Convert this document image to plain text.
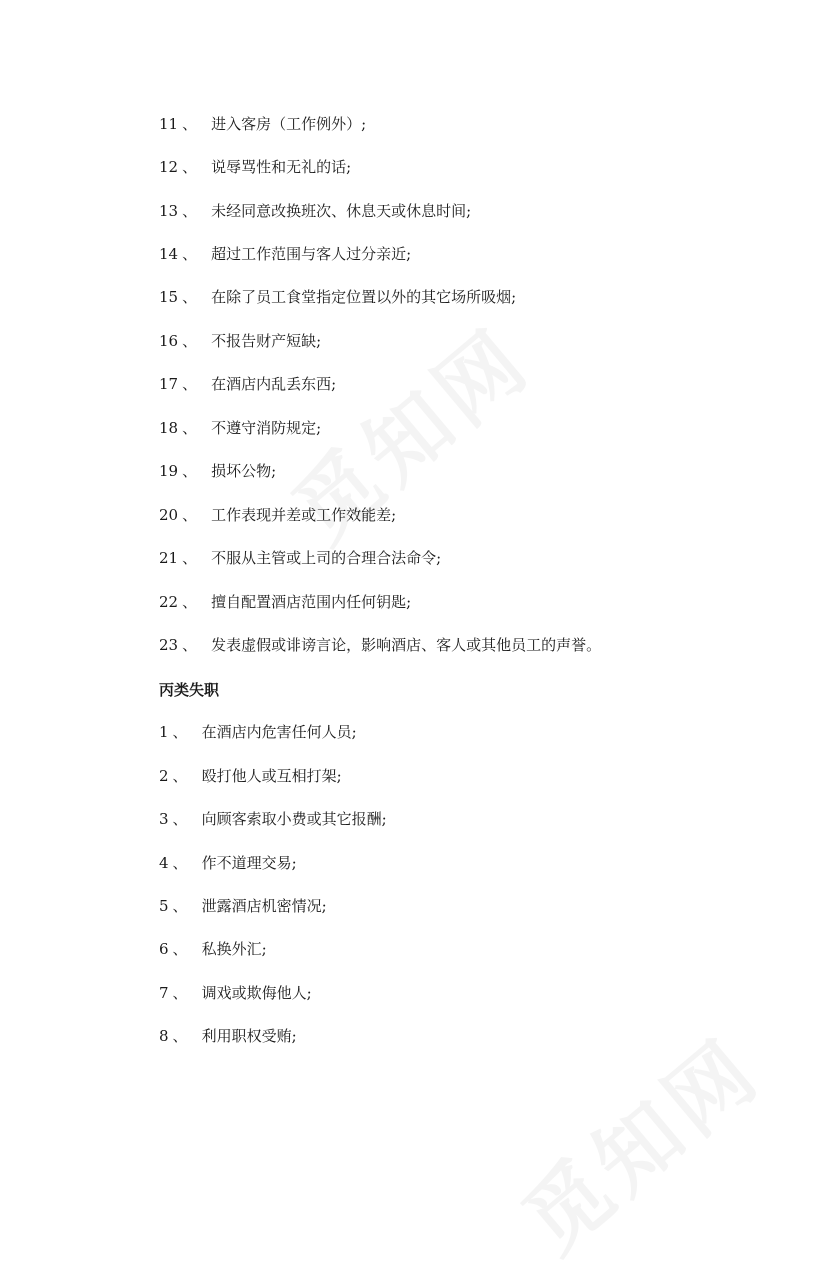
11 、 进入客房（工作例外）;
12 、 说辱骂性和无礼的话;
13 、 未经同意改换班次、休息天或休息时间;
14 、 超过工作范围与客人过分亲近;
15 、 在除了员工食堂指定位置以外的其它场所吸烟;
16 、 不报告财产短缺;
17 、 在酒店内乱丢东西;
18 、 不遵守消防规定;
19 、 损坏公物;
20 、 工作表现并差或工作效能差;
21 、 不服从主管或上司的合理合法命令;
22 、 擅自配置酒店范围内任何钥匙;
23 、 发表虚假或诽谤言论，影响酒店、客人或其他员工的声誉。
丙类失职
1 、 在酒店内危害任何人员;
2 、 殴打他人或互相打架;
3 、 向顾客索取小费或其它报酬;
4 、 作不道理交易;
5 、 泄露酒店机密情况;
6 、 私换外汇;
7 、 调戏或欺侮他人;
8 、 利用职权受贿;
